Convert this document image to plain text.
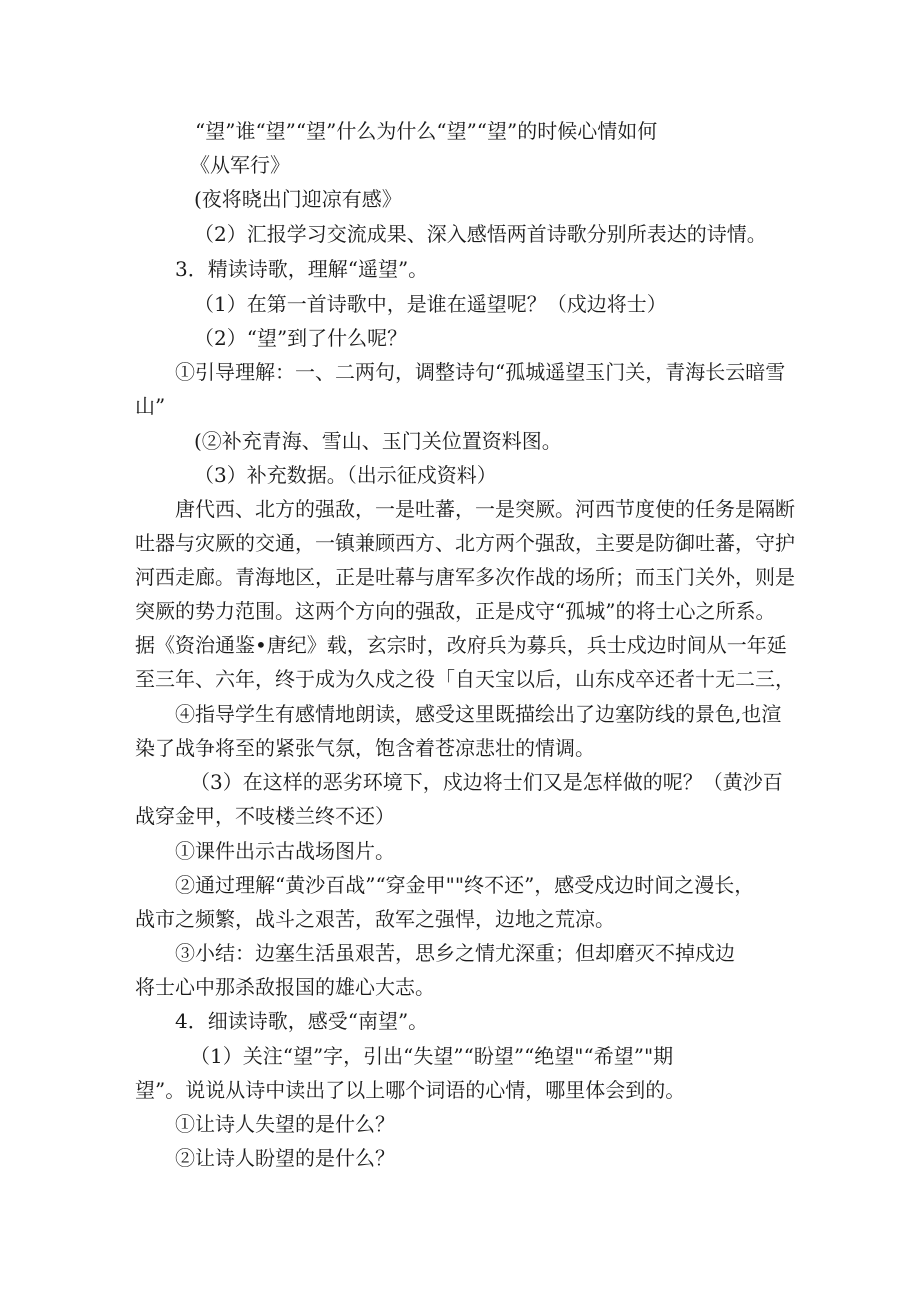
“望”谁“望”“望”什么为什么“望”“望”的时候心情如何

《从军行》

(夜将晓出门迎凉有感》

（2）汇报学习交流成果、深入感悟两首诗歌分别所表达的诗情。

3．精读诗歌，理解“遥望”。

（1）在第一首诗歌中，是谁在遥望呢？（戍边将士）

（2）“望”到了什么呢？

①引导理解：一、二两句，调整诗句“孤城遥望玉门关，青海长云暗雪

山”

(②补充青海、雪山、玉门关位置资料图。

（3）补充数据。（出示征戍资料）

唐代西、北方的强敌，一是吐蕃，一是突厥。河西节度使的任务是隔断

吐器与灾厥的交通，一镇兼顾西方、北方两个强敌，主要是防御吐蕃，守护

河西走廊。青海地区，正是吐幕与唐军多次作战的场所；而玉门关外，则是

突厥的势力范围。这两个方向的强敌，正是戍守“孤城”的将士心之所系。

据《资治通鉴•唐纪》载，玄宗时，改府兵为募兵，兵士戍边时间从一年延

至三年、六年，终于成为久戍之役「自天宝以后，山东戍卒还者十无二三，

④指导学生有感情地朗读，感受这里既描绘出了边塞防线的景色,也渲

染了战争将至的紧张气氛，饱含着苍凉悲壮的情调。

（3）在这样的恶劣环境下，戍边将士们又是怎样做的呢？（黄沙百

战穿金甲，不吱楼兰终不还）

①课件出示古战场图片。

②通过理解“黄沙百战”“穿金甲""终不还”，感受戍边时间之漫长，

战市之频繁，战斗之艰苦，敌军之强悍，边地之荒凉。

③小结：边塞生活虽艰苦，思乡之情尤深重；但却磨灭不掉戍边

将士心中那杀敌报国的雄心大志。

4．细读诗歌，感受“南望”。

（1）关注“望”字，引出“失望”“盼望”“绝望"“希望”"期

望”。说说从诗中读出了以上哪个词语的心情，哪里体会到的。

①让诗人失望的是什么？

②让诗人盼望的是什么？
